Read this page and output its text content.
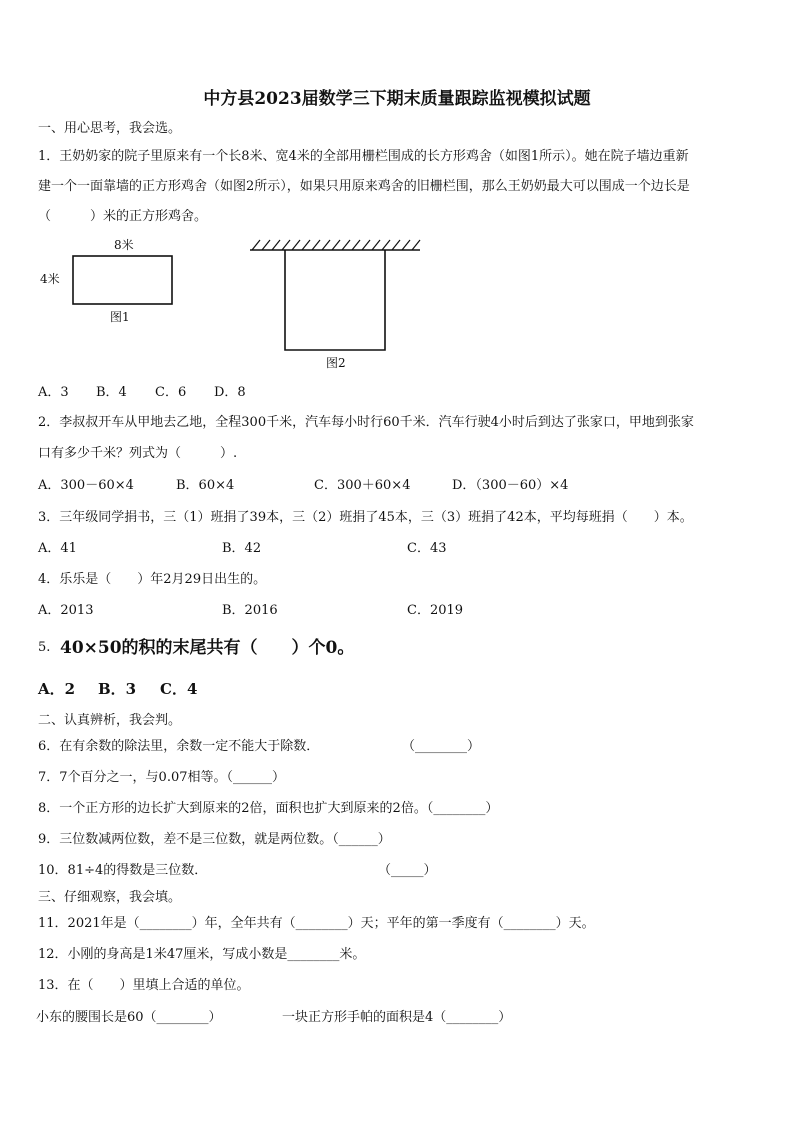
中方县2023届数学三下期末质量跟踪监视模拟试题
一、用心思考，我会选。
1．王奶奶家的院子里原来有一个长8米、宽4米的全部用栅栏围成的长方形鸡舍（如图1所示）。她在院子墙边重新
建一个一面靠墙的正方形鸡舍（如图2所示），如果只用原来鸡舍的旧栅栏围，那么王奶奶最大可以围成一个边长是
（　　　）米的正方形鸡舍。
8米
4米
图1
图2
A．3 B．4 C．6 D．8
2．李叔叔开车从甲地去乙地，全程300千米，汽车每小时行60千米．汽车行驶4小时后到达了张家口，甲地到张家
口有多少千米？列式为（　　　）.
A．300－60×4	B．60×4	C．300＋60×4	D．（300－60）×4
3．三年级同学捐书，三（1）班捐了39本，三（2）班捐了45本，三（3）班捐了42本，平均每班捐（　　）本。
A．41	B．42	C．43
4．乐乐是（　　）年2月29日出生的。
A．2013	B．2016	C．2019
5. 40×50的积的末尾共有（　　）个0。
A．2 B．3 C．4
二、认真辨析，我会判。
6．在有余数的除法里，余数一定不能大于除数．	（________）
7．7个百分之一，与0.07相等。（______）
8．一个正方形的边长扩大到原来的2倍，面积也扩大到原来的2倍。（________）
9．三位数减两位数，差不是三位数，就是两位数。（______）
10．81÷4的得数是三位数．	（_____）
三、仔细观察，我会填。
11．2021年是（________）年，全年共有（________）天；平年的第一季度有（________）天。
12．小刚的身高是1米47厘米，写成小数是________米。
13．在（　　）里填上合适的单位。
小东的腰围长是60（________）	一块正方形手帕的面积是4（________）
